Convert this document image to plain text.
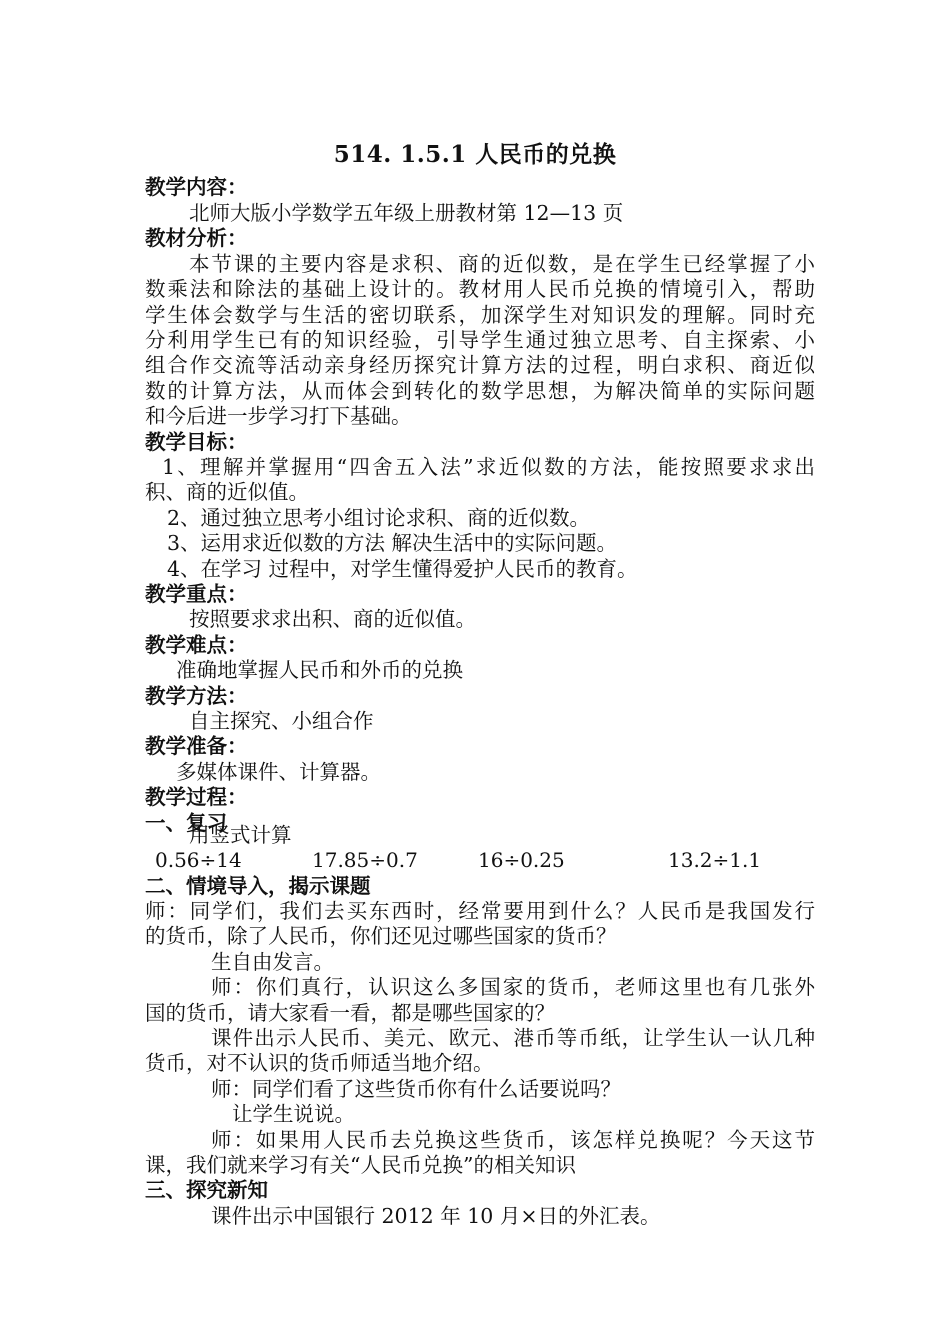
514. 1.5.1 人民币的兑换
教学内容：
北师大版小学数学五年级上册教材第 12—13 页
教材分析：
本节课的主要内容是求积、商的近似数，是在学生已经掌握了小
数乘法和除法的基础上设计的。教材用人民币兑换的情境引入，帮助
学生体会数学与生活的密切联系，加深学生对知识发的理解。同时充
分利用学生已有的知识经验，引导学生通过独立思考、自主探索、小
组合作交流等活动亲身经历探究计算方法的过程，明白求积、商近似
数的计算方法，从而体会到转化的数学思想，为解决简单的实际问题
和今后进一步学习打下基础。
教学目标：
1、理解并掌握用“四舍五入法”求近似数的方法，能按照要求求出
积、商的近似值。
2、通过独立思考小组讨论求积、商的近似数。
3、运用求近似数的方法 解决生活中的实际问题。
4、在学习 过程中，对学生懂得爱护人民币的教育。
教学重点：
按照要求求出积、商的近似值。
教学难点：
准确地掌握人民币和外币的兑换
教学方法：
自主探究、小组合作
教学准备：
多媒体课件、计算器。
教学过程：
一、复习
用竖式计算
0.56÷14	17.85÷0.7	16÷0.25	13.2÷1.1
二、情境导入，揭示课题
师：同学们，我们去买东西时，经常要用到什么？人民币是我国发行
的货币，除了人民币，你们还见过哪些国家的货币？
生自由发言。
师：你们真行，认识这么多国家的货币，老师这里也有几张外
国的货币，请大家看一看，都是哪些国家的？
课件出示人民币、美元、欧元、港币等币纸，让学生认一认几种
货币，对不认识的货币师适当地介绍。
师：同学们看了这些货币你有什么话要说吗？
让学生说说。
师：如果用人民币去兑换这些货币，该怎样兑换呢？今天这节
课，我们就来学习有关“人民币兑换”的相关知识
三、探究新知
课件出示中国银行 2012 年 10 月×日的外汇表。
